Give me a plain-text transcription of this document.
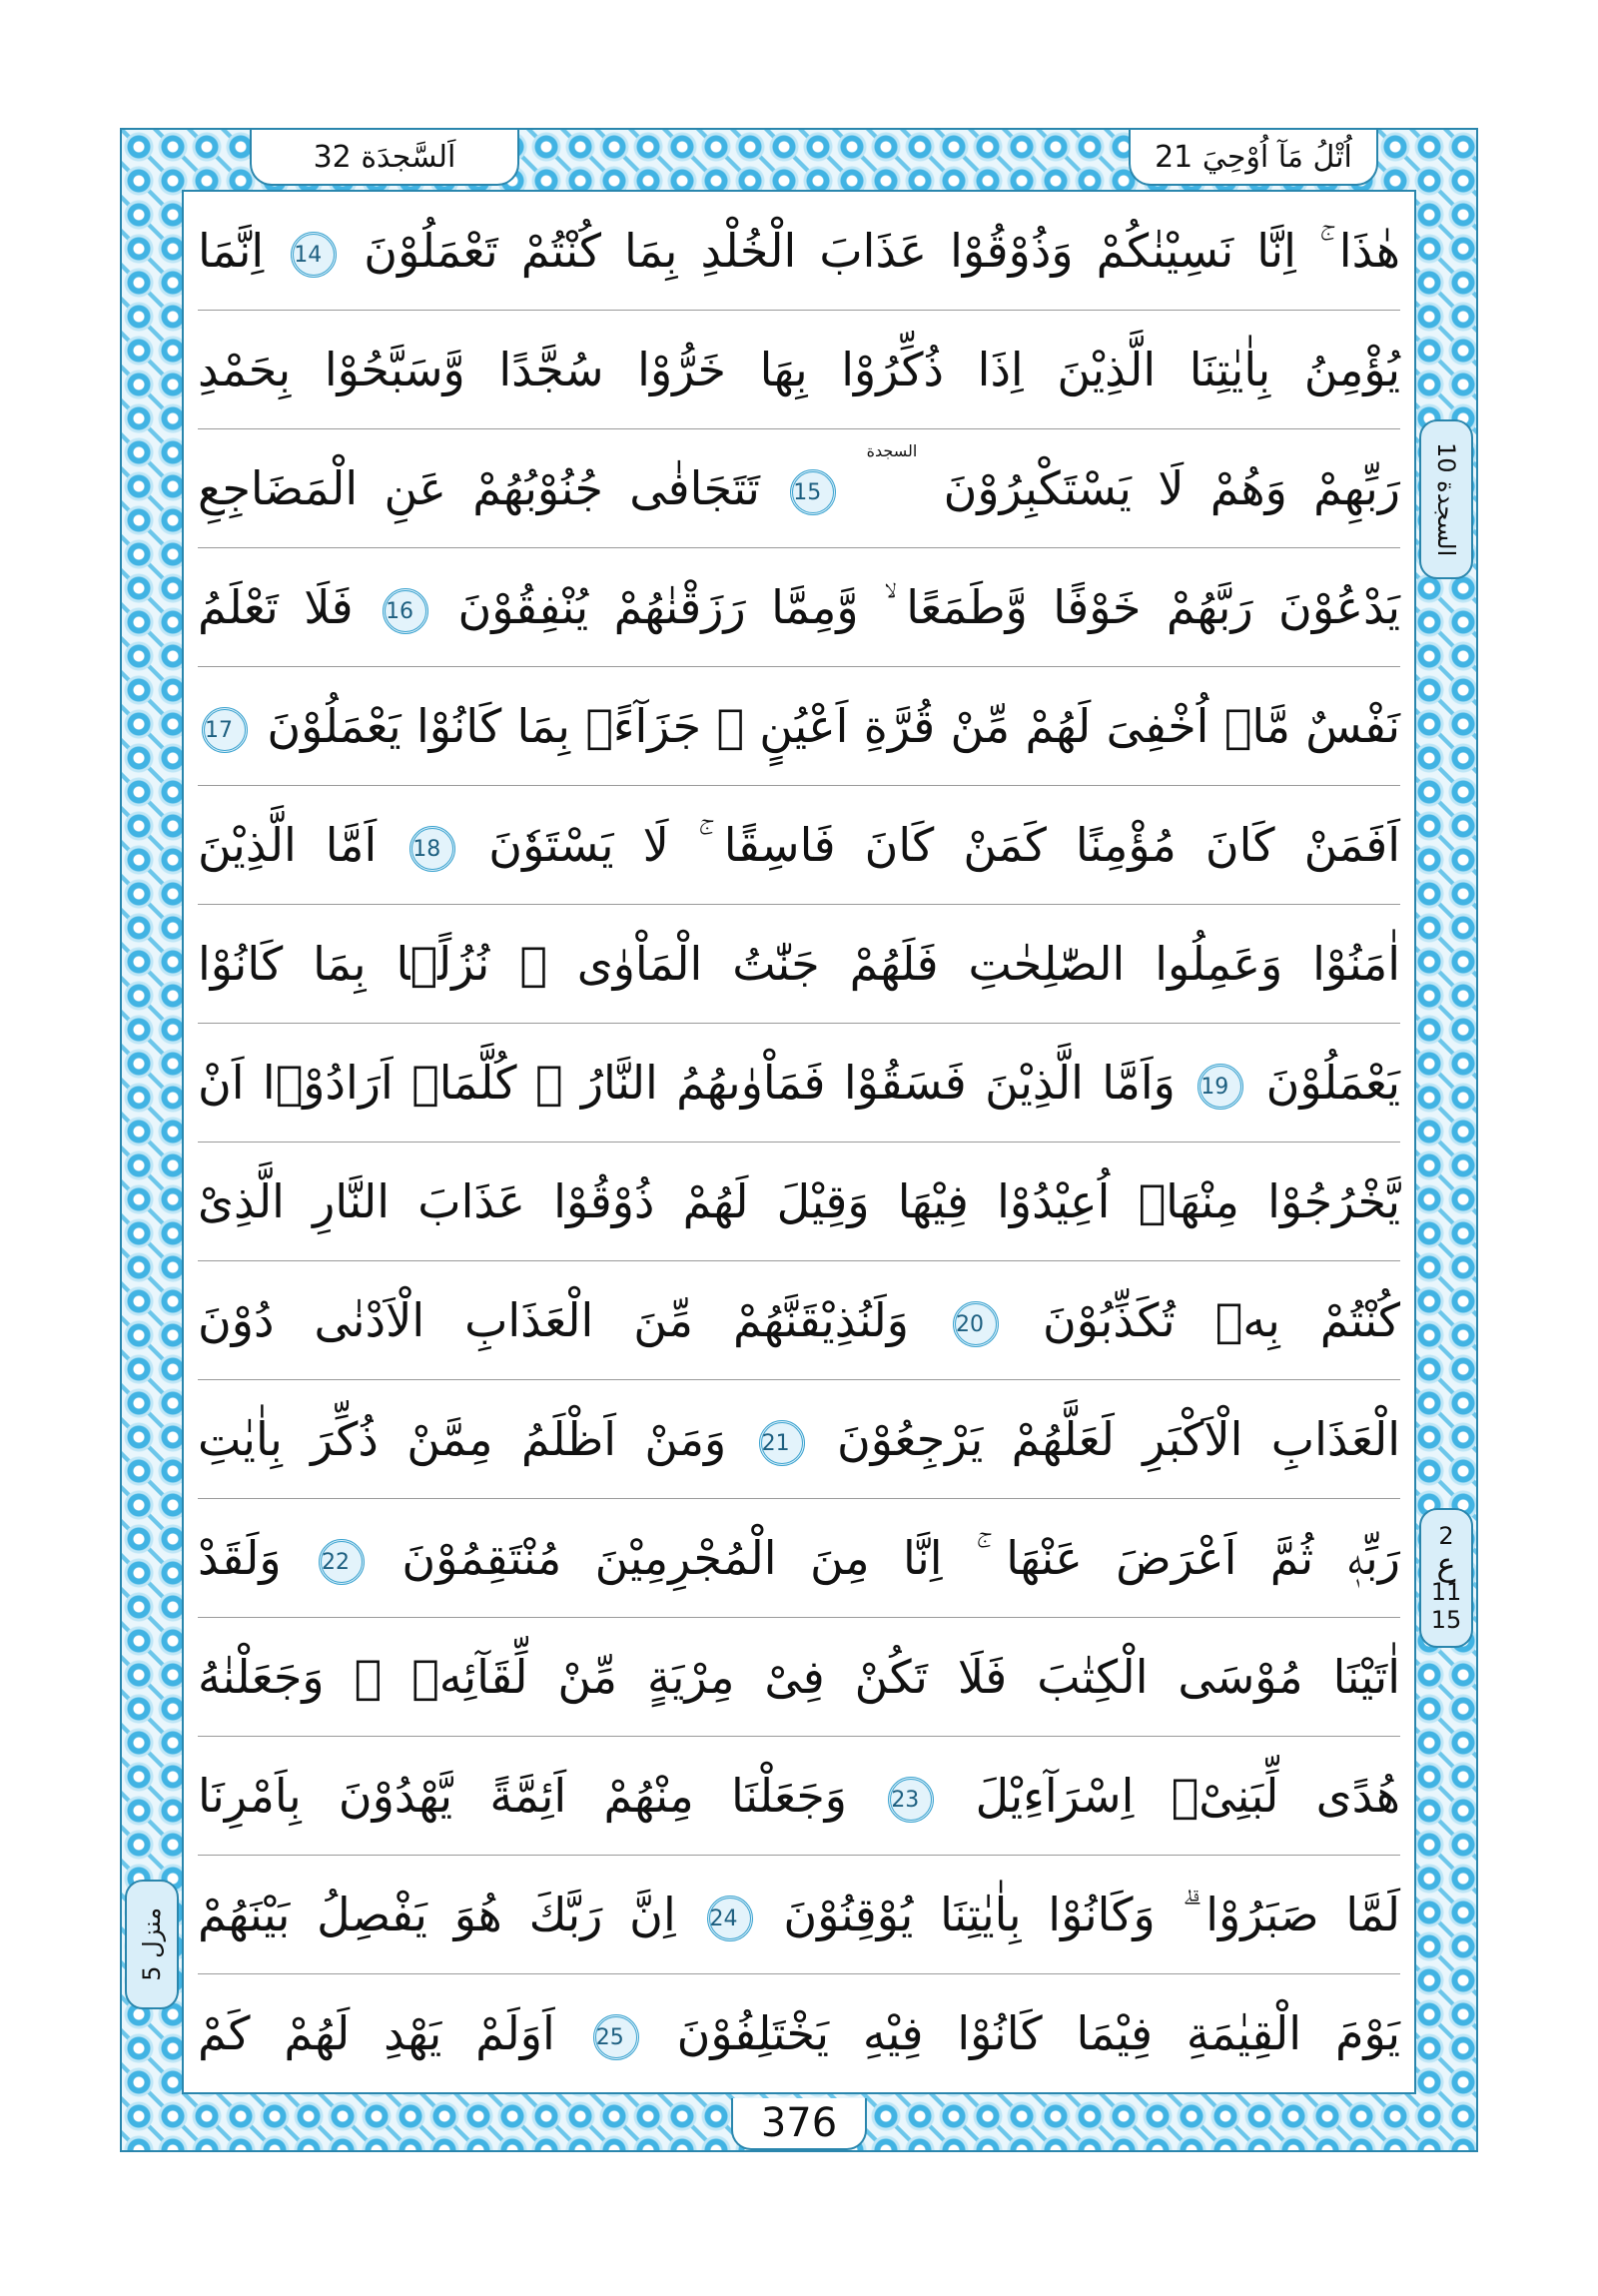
هٰذَا ۚ اِنَّا نَسِيْنٰكُمْ وَذُوْقُوْا عَذَابَ الْخُلْدِ بِمَا كُنْتُمْ تَعْمَلُوْنَ 14 اِنَّمَا
يُؤْمِنُ بِاٰيٰتِنَا الَّذِيْنَ اِذَا ذُكِّرُوْا بِهَا خَرُّوْا سُجَّدًا وَّسَبَّحُوْا بِحَمْدِ
رَبِّهِمْ وَهُمْ لَا يَسْتَكْبِرُوْنَ السجدة 15 تَتَجَافٰى جُنُوْبُهُمْ عَنِ الْمَضَاجِعِ
يَدْعُوْنَ رَبَّهُمْ خَوْفًا وَّطَمَعًا ۙ وَّمِمَّا رَزَقْنٰهُمْ يُنْفِقُوْنَ 16 فَلَا تَعْلَمُ
نَفْسٌ مَّاۤ اُخْفِىَ لَهُمْ مِّنْ قُرَّةِ اَعْيُنٍ ۚ جَزَآءًۢ بِمَا كَانُوْا يَعْمَلُوْنَ 17
اَفَمَنْ كَانَ مُؤْمِنًا كَمَنْ كَانَ فَاسِقًا ۚ لَا يَسْتَوٗنَ 18 اَمَّا الَّذِيْنَ
اٰمَنُوْا وَعَمِلُوا الصّٰلِحٰتِ فَلَهُمْ جَنّٰتُ الْمَاْوٰى ۫ نُزُلًۢا بِمَا كَانُوْا
يَعْمَلُوْنَ 19 وَاَمَّا الَّذِيْنَ فَسَقُوْا فَمَاْوٰىهُمُ النَّارُ ۗ كُلَّمَاۤ اَرَادُوْۤا اَنْ
يَّخْرُجُوْا مِنْهَاۤ اُعِيْدُوْا فِيْهَا وَقِيْلَ لَهُمْ ذُوْقُوْا عَذَابَ النَّارِ الَّذِىْ
كُنْتُمْ بِهٖ تُكَذِّبُوْنَ 20 وَلَنُذِيْقَنَّهُمْ مِّنَ الْعَذَابِ الْاَدْنٰى دُوْنَ
الْعَذَابِ الْاَكْبَرِ لَعَلَّهُمْ يَرْجِعُوْنَ 21 وَمَنْ اَظْلَمُ مِمَّنْ ذُكِّرَ بِاٰيٰتِ
رَبِّهٖ ثُمَّ اَعْرَضَ عَنْهَا ۚ اِنَّا مِنَ الْمُجْرِمِيْنَ مُنْتَقِمُوْنَ 22 وَلَقَدْ
اٰتَيْنَا مُوْسَى الْكِتٰبَ فَلَا تَكُنْ فِىْ مِرْيَةٍ مِّنْ لِّقَآئِهٖ ۖ وَجَعَلْنٰهُ
هُدًى لِّبَنِىْۤ اِسْرَآءِيْلَ 23 وَجَعَلْنَا مِنْهُمْ اَئِمَّةً يَّهْدُوْنَ بِاَمْرِنَا
لَمَّا صَبَرُوْا ۗ وَكَانُوْا بِاٰيٰتِنَا يُوْقِنُوْنَ 24 اِنَّ رَبَّكَ هُوَ يَفْصِلُ بَيْنَهُمْ
يَوْمَ الْقِيٰمَةِ فِيْمَا كَانُوْا فِيْهِ يَخْتَلِفُوْنَ 25 اَوَلَمْ يَهْدِ لَهُمْ كَمْ
السجدة 10
2
ع
11
15
منزل 5
376
اَلسَّجدَة 32	اُتْلُ مَآ اُوْحِيَ 21
